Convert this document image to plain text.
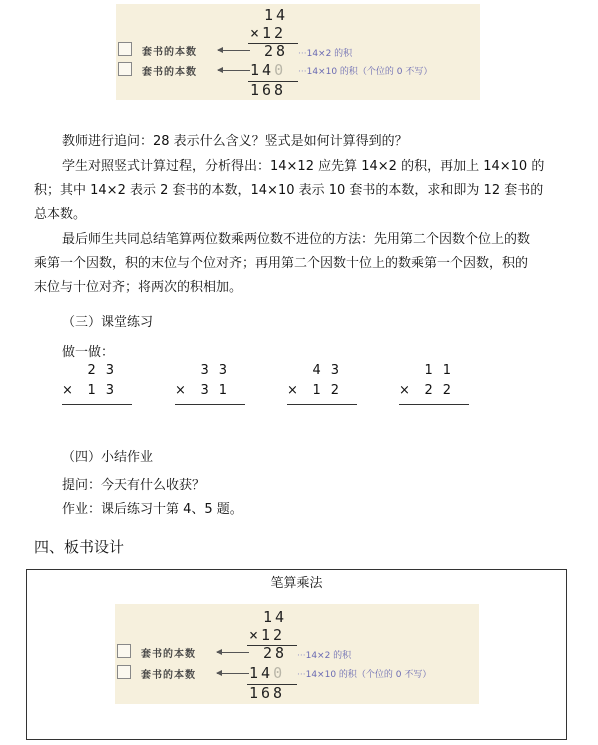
14
×12
套书的本数	28 ···14×2 的积
套书的本数	140 ···14×10 的积（个位的 0 不写）
168
教师进行追问：28 表示什么含义？竖式是如何计算得到的？
学生对照竖式计算过程，分析得出：14×12 应先算 14×2 的积，再加上 14×10 的
积；其中 14×2 表示 2 套书的本数，14×10 表示 10 套书的本数，求和即为 12 套书的
总本数。
最后师生共同总结笔算两位数乘两位数不进位的方法：先用第二个因数个位上的数
乘第一个因数，积的末位与个位对齐；再用第二个因数十位上的数乘第一个因数，积的
末位与十位对齐；将两次的积相加。
（三）课堂练习
做一做：
23
× 13
33
× 31
43
× 12
11
× 22
（四）小结作业
提问：今天有什么收获？
作业：课后练习十第 4、5 题。
四、板书设计
笔算乘法
14
×12
套书的本数	28 ···14×2 的积
套书的本数	140 ···14×10 的积（个位的 0 不写）
168
